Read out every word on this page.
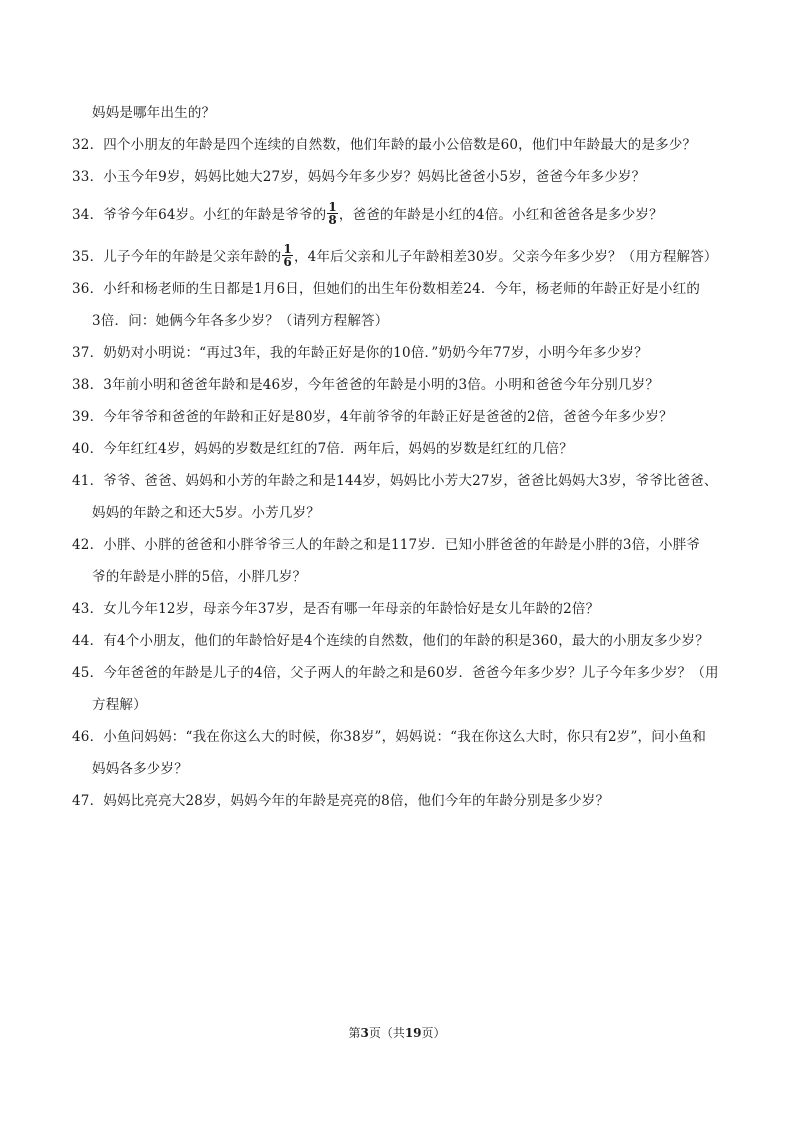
妈妈是哪年出生的？
32．四个小朋友的年龄是四个连续的自然数，他们年龄的最小公倍数是60，他们中年龄最大的是多少？
33．小玉今年9岁，妈妈比她大27岁，妈妈今年多少岁？妈妈比爸爸小5岁，爸爸今年多少岁？
34．爷爷今年64岁。小红的年龄是爷爷的 $\frac{1}{8}$ ，爸爸的年龄是小红的4倍。小红和爸爸各是多少岁？
35．儿子今年的年龄是父亲年龄的 $\frac{1}{6}$ ，4年后父亲和儿子年龄相差30岁。父亲今年多少岁？（用方程解答）
36．小纤和杨老师的生日都是1月6日，但她们的出生年份数相差24．今年，杨老师的年龄正好是小红的
3倍．问：她俩今年各多少岁？（请列方程解答）
37．奶奶对小明说：“再过3年，我的年龄正好是你的10倍．”奶奶今年77岁，小明今年多少岁？
38．3年前小明和爸爸年龄和是46岁，今年爸爸的年龄是小明的3倍。小明和爸爸今年分别几岁？
39．今年爷爷和爸爸的年龄和正好是80岁，4年前爷爷的年龄正好是爸爸的2倍，爸爸今年多少岁？
40．今年红红4岁，妈妈的岁数是红红的7倍．两年后，妈妈的岁数是红红的几倍？
41．爷爷、爸爸、妈妈和小芳的年龄之和是144岁，妈妈比小芳大27岁，爸爸比妈妈大3岁，爷爷比爸爸、
妈妈的年龄之和还大5岁。小芳几岁？
42．小胖、小胖的爸爸和小胖爷爷三人的年龄之和是117岁．已知小胖爸爸的年龄是小胖的3倍，小胖爷
爷的年龄是小胖的5倍，小胖几岁？
43．女儿今年12岁，母亲今年37岁，是否有哪一年母亲的年龄恰好是女儿年龄的2倍？
44．有4个小朋友，他们的年龄恰好是4个连续的自然数，他们的年龄的积是360，最大的小朋友多少岁？
45．今年爸爸的年龄是儿子的4倍，父子两人的年龄之和是60岁．爸爸今年多少岁？儿子今年多少岁？（用
方程解）
46．小鱼问妈妈：“我在你这么大的时候，你38岁”，妈妈说：“我在你这么大时，你只有2岁”，问小鱼和
妈妈各多少岁？
47．妈妈比亮亮大28岁，妈妈今年的年龄是亮亮的8倍，他们今年的年龄分别是多少岁？
第3页（共19页）
